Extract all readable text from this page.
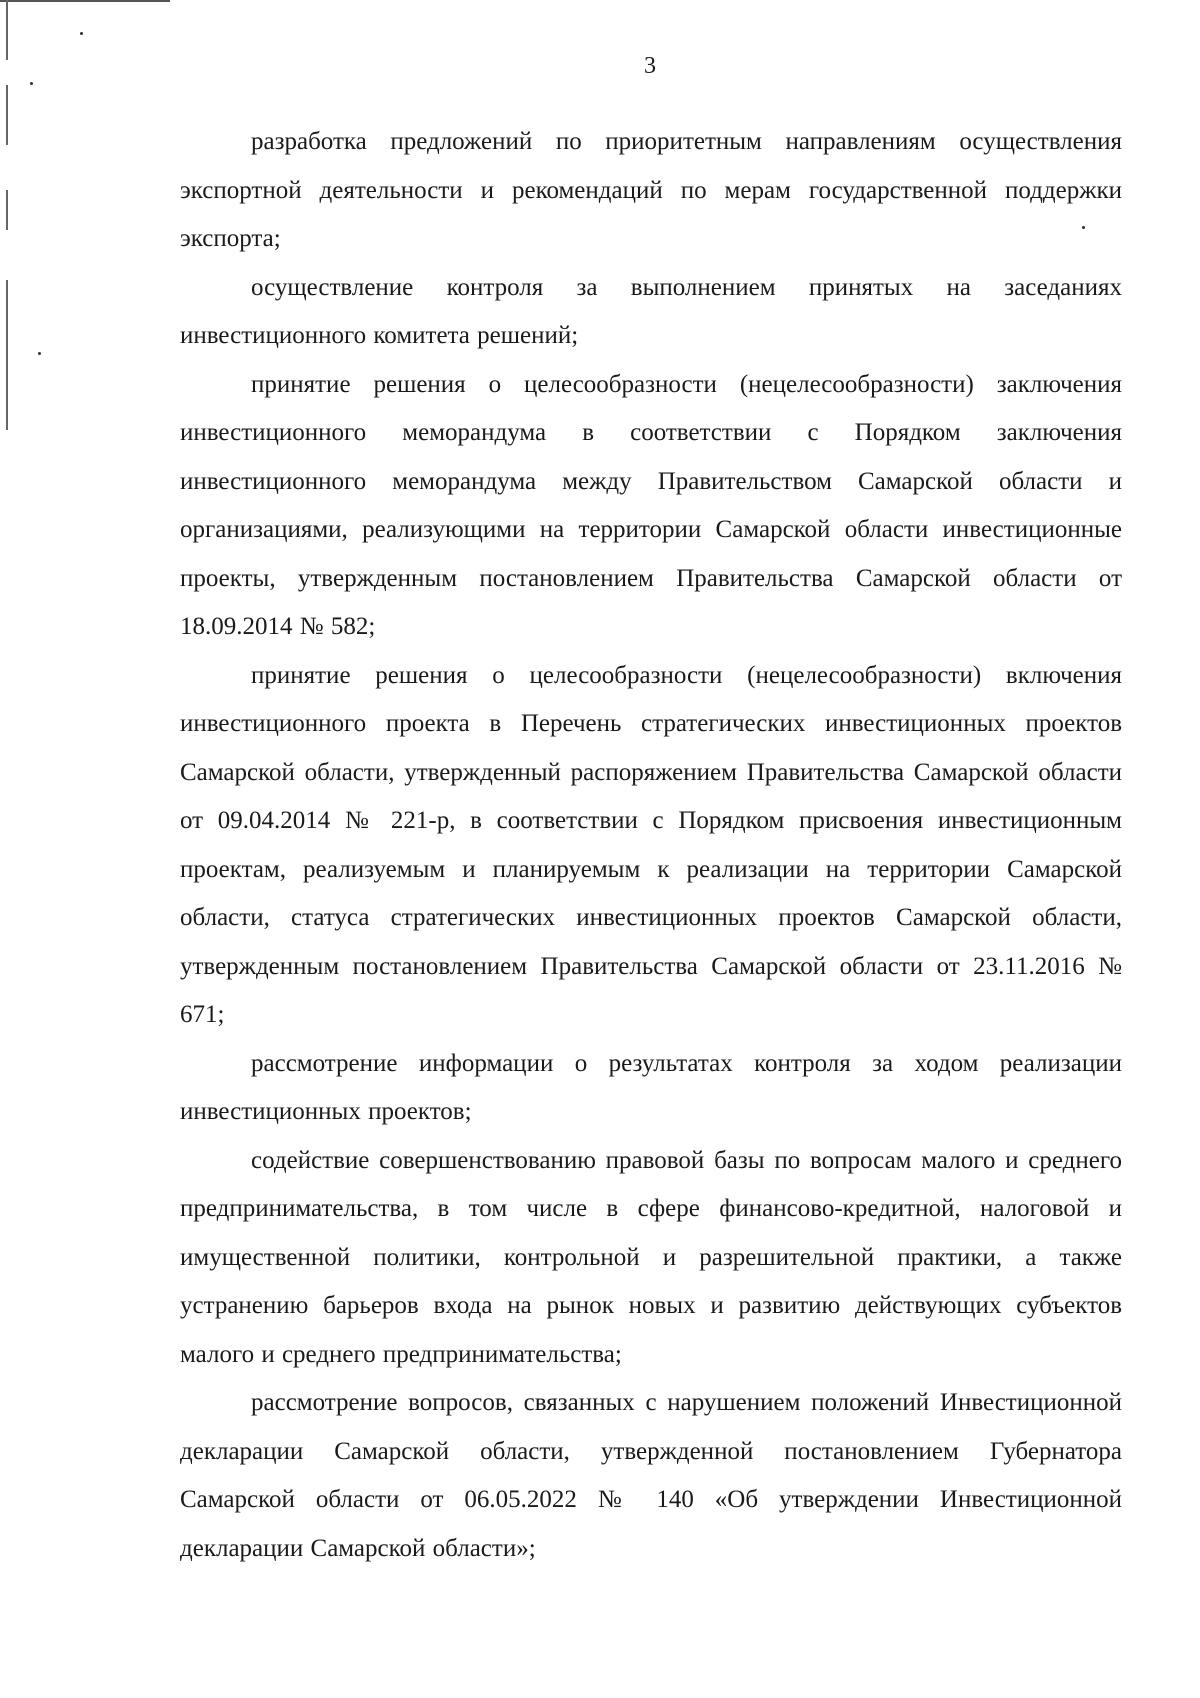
3

разработка предложений по приоритетным направлениям осуществления экспортной деятельности и рекомендаций по мерам государственной поддержки экспорта;

осуществление контроля за выполнением принятых на заседаниях инвестиционного комитета решений;

принятие решения о целесообразности (нецелесообразности) заключения инвестиционного меморандума в соответствии с Порядком заключения инвестиционного меморандума между Правительством Самарской области и организациями, реализующими на территории Самарской области инвестиционные проекты, утвержденным постановлением Правительства Самарской области от 18.09.2014 № 582;

принятие решения о целесообразности (нецелесообразности) включения инвестиционного проекта в Перечень стратегических инвестиционных проектов Самарской области, утвержденный распоряжением Правительства Самарской области от 09.04.2014 № 221-р, в соответствии с Порядком присвоения инвестиционным проектам, реализуемым и планируемым к реализации на территории Самарской области, статуса стратегических инвестиционных проектов Самарской области, утвержденным постановлением Правительства Самарской области от 23.11.2016 № 671;

рассмотрение информации о результатах контроля за ходом реализации инвестиционных проектов;

содействие совершенствованию правовой базы по вопросам малого и среднего предпринимательства, в том числе в сфере финансово-кредитной, налоговой и имущественной политики, контрольной и разрешительной практики, а также устранению барьеров входа на рынок новых и развитию действующих субъектов малого и среднего предпринимательства;

рассмотрение вопросов, связанных с нарушением положений Инвестиционной декларации Самарской области, утвержденной постановлением Губернатора Самарской области от 06.05.2022 № 140 «Об утверждении Инвестиционной декларации Самарской области»;
